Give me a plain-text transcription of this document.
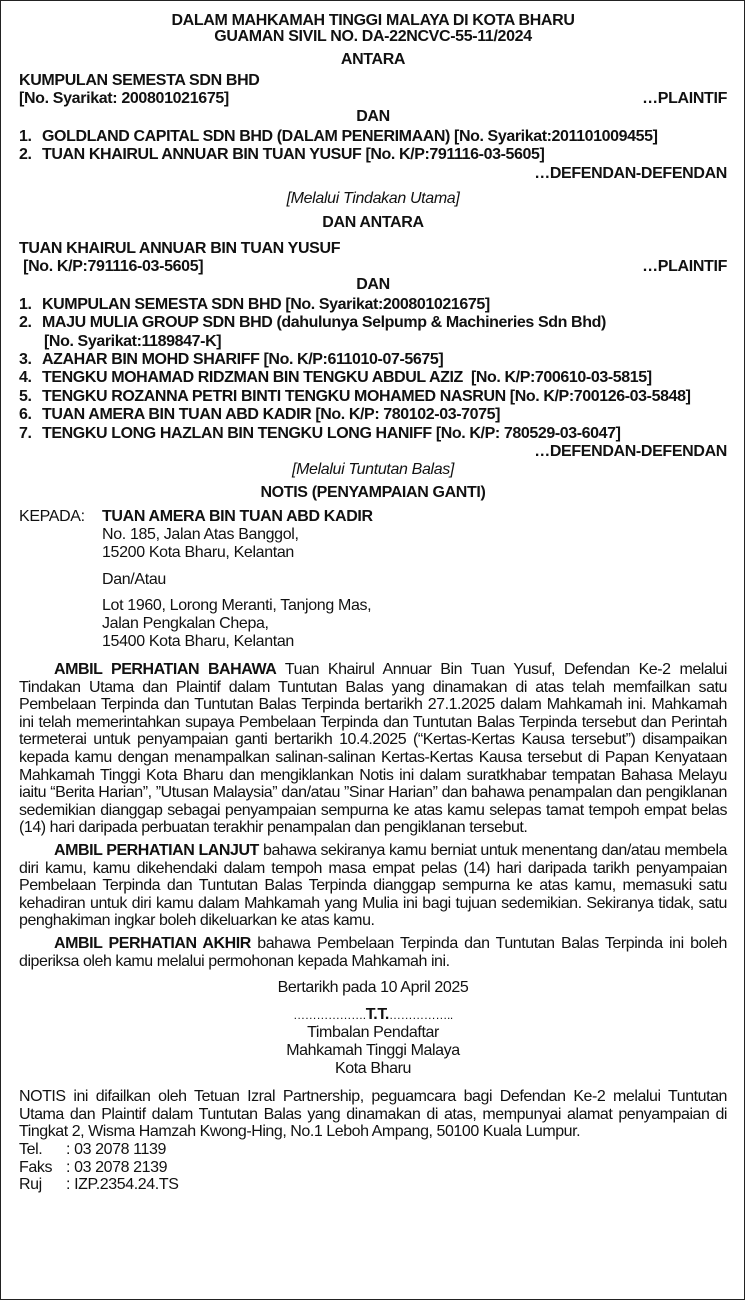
DALAM MAHKAMAH TINGGI MALAYA DI KOTA BHARU
GUAMAN SIVIL NO. DA-22NCVC-55-11/2024
ANTARA
KUMPULAN SEMESTA SDN BHD
[No. Syarikat: 200801021675]	…PLAINTIF
DAN
1. GOLDLAND CAPITAL SDN BHD (DALAM PENERIMAAN) [No. Syarikat:201101009455]
2. TUAN KHAIRUL ANNUAR BIN TUAN YUSUF [No. K/P:791116-03-5605]
…DEFENDAN-DEFENDAN
[Melalui Tindakan Utama]
DAN ANTARA
TUAN KHAIRUL ANNUAR BIN TUAN YUSUF
[No. K/P:791116-03-5605]	…PLAINTIF
DAN
1. KUMPULAN SEMESTA SDN BHD [No. Syarikat:200801021675]
2. MAJU MULIA GROUP SDN BHD (dahulunya Selpump & Machineries Sdn Bhd)
[No. Syarikat:1189847-K]
3. AZAHAR BIN MOHD SHARIFF [No. K/P:611010-07-5675]
4. TENGKU MOHAMAD RIDZMAN BIN TENGKU ABDUL AZIZ  [No. K/P:700610-03-5815]
5. TENGKU ROZANNA PETRI BINTI TENGKU MOHAMED NASRUN [No. K/P:700126-03-5848]
6. TUAN AMERA BIN TUAN ABD KADIR [No. K/P: 780102-03-7075]
7. TENGKU LONG HAZLAN BIN TENGKU LONG HANIFF [No. K/P: 780529-03-6047]
…DEFENDAN-DEFENDAN
[Melalui Tuntutan Balas]
NOTIS (PENYAMPAIAN GANTI)
KEPADA:	TUAN AMERA BIN TUAN ABD KADIR
No. 185, Jalan Atas Banggol,
15200 Kota Bharu, Kelantan
Dan/Atau
Lot 1960, Lorong Meranti, Tanjong Mas,
Jalan Pengkalan Chepa,
15400 Kota Bharu, Kelantan

AMBIL PERHATIAN BAHAWA Tuan Khairul Annuar Bin Tuan Yusuf, Defendan Ke-2 melalui Tindakan Utama dan Plaintif dalam Tuntutan Balas yang dinamakan di atas telah memfailkan satu Pembelaan Terpinda dan Tuntutan Balas Terpinda bertarikh 27.1.2025 dalam Mahkamah ini. Mahkamah ini telah memerintahkan supaya Pembelaan Terpinda dan Tuntutan Balas Terpinda tersebut dan Perintah termeterai untuk penyampaian ganti bertarikh 10.4.2025 (“Kertas-Kertas Kausa tersebut”) disampaikan kepada kamu dengan menampalkan salinan-salinan Kertas-Kertas Kausa tersebut di Papan Kenyataan Mahkamah Tinggi Kota Bharu dan mengiklankan Notis ini dalam suratkhabar tempatan Bahasa Melayu iaitu “Berita Harian”, ”Utusan Malaysia” dan/atau ”Sinar Harian” dan bahawa penampalan dan pengiklanan sedemikian dianggap sebagai penyampaian sempurna ke atas kamu selepas tamat tempoh empat belas (14) hari daripada perbuatan terakhir penampalan dan pengiklanan tersebut.

AMBIL PERHATIAN LANJUT bahawa sekiranya kamu berniat untuk menentang dan/atau membela diri kamu, kamu dikehendaki dalam tempoh masa empat pelas (14) hari daripada tarikh penyampaian Pembelaan Terpinda dan Tuntutan Balas Terpinda dianggap sempurna ke atas kamu, memasuki satu kehadiran untuk diri kamu dalam Mahkamah yang Mulia ini bagi tujuan sedemikian. Sekiranya tidak, satu penghakiman ingkar boleh dikeluarkan ke atas kamu.

AMBIL PERHATIAN AKHIR bahawa Pembelaan Terpinda dan Tuntutan Balas Terpinda ini boleh diperiksa oleh kamu melalui permohonan kepada Mahkamah ini.

Bertarikh pada 10 April 2025
……………….T.T.……………..
Timbalan Pendaftar
Mahkamah Tinggi Malaya
Kota Bharu

NOTIS ini difailkan oleh Tetuan Izral Partnership, peguamcara bagi Defendan Ke-2 melalui Tuntutan Utama dan Plaintif dalam Tuntutan Balas yang dinamakan di atas, mempunyai alamat penyampaian di Tingkat 2, Wisma Hamzah Kwong-Hing, No.1 Leboh Ampang, 50100 Kuala Lumpur.

Tel.	: 03 2078 1139
Faks : 03 2078 2139
Ruj	: IZP.2354.24.TS
